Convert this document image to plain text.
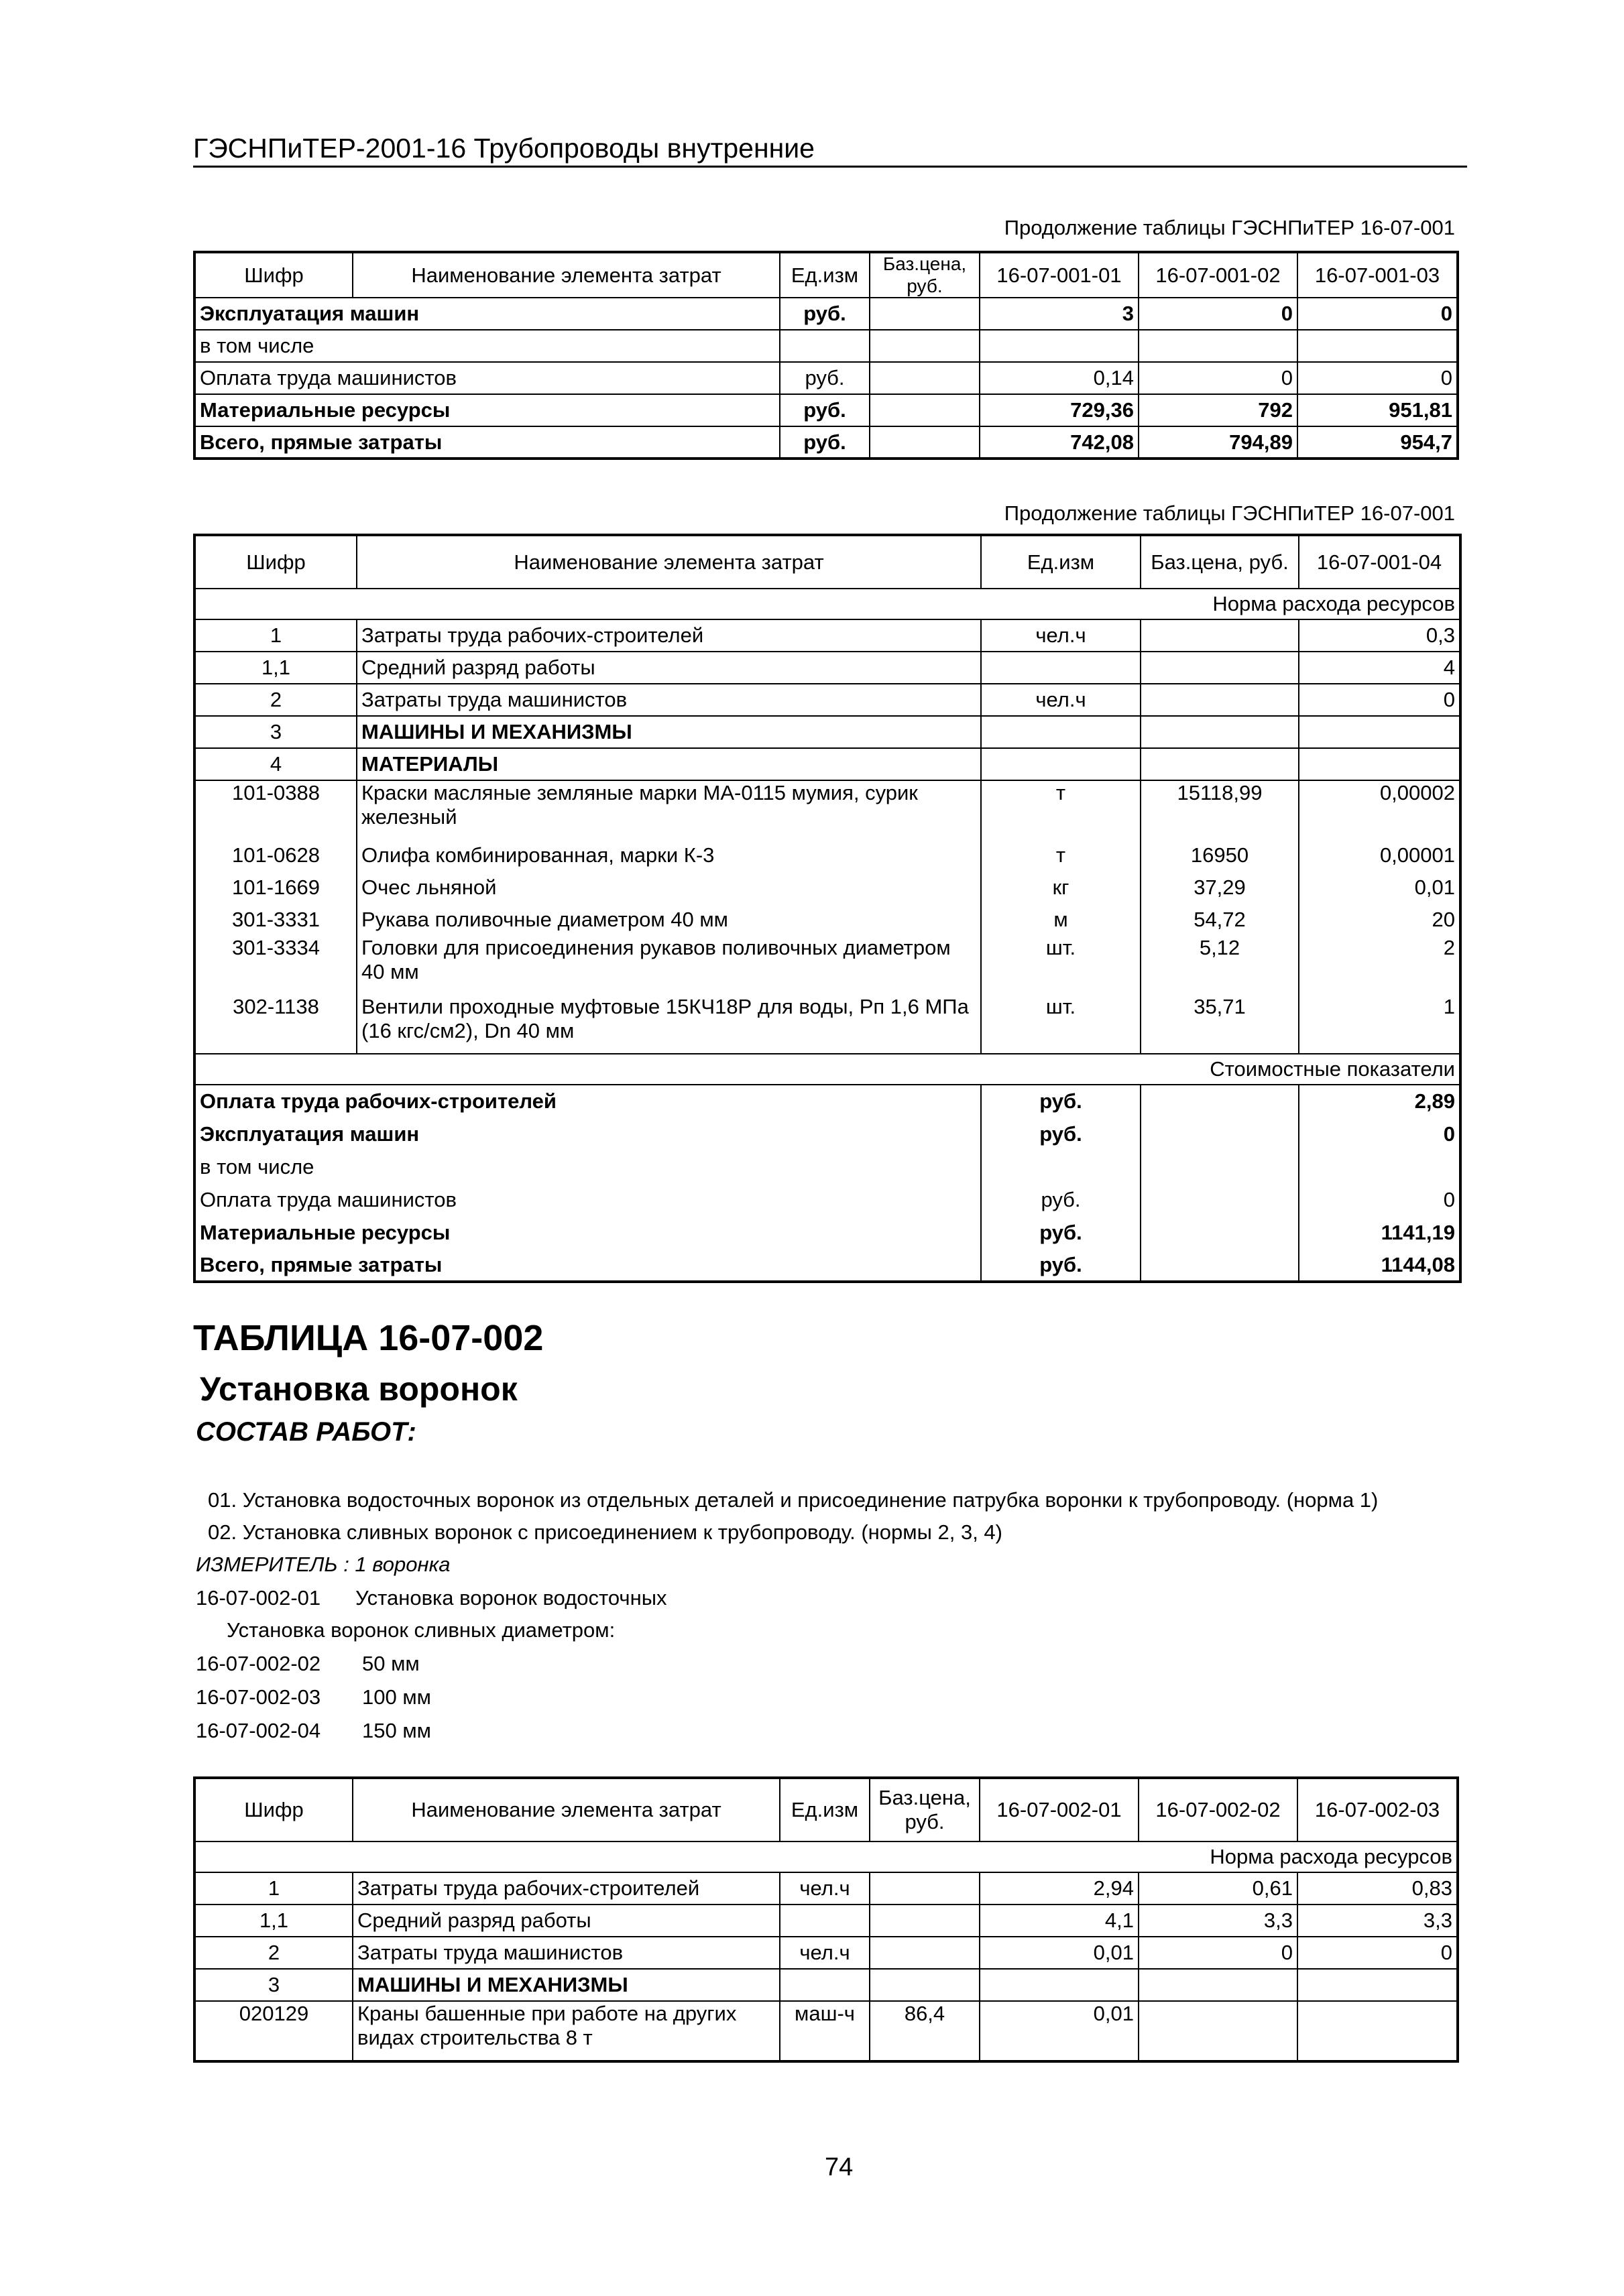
ГЭСНПиТЕР-2001-16 Трубопроводы внутренние
Продолжение таблицы ГЭСНПиТЕР 16-07-001
Шифр	Наименование элемента затрат	Ед.изм	Баз.цена, руб.	16-07-001-01	16-07-001-02	16-07-001-03
Эксплуатация машин		руб.		3	0	0
в том числе						
Оплата труда машинистов		руб.		0,14	0	0
Материальные ресурсы		руб.		729,36	792	951,81
Всего, прямые затраты		руб.		742,08	794,89	954,7
Продолжение таблицы ГЭСНПиТЕР 16-07-001
Шифр	Наименование элемента затрат	Ед.изм	Баз.цена, руб.	16-07-001-04
Норма расхода ресурсов				
1	Затраты труда рабочих-строителей	чел.ч		0,3
1,1	Средний разряд работы			4
2	Затраты труда машинистов	чел.ч		0
3	МАШИНЫ И МЕХАНИЗМЫ			
4	МАТЕРИАЛЫ			
101-0388	Краски масляные земляные марки МА-0115 мумия, сурик железный	т	15118,99	0,00002
101-0628	Олифа комбинированная, марки К-3	т	16950	0,00001
101-1669	Очес льняной	кг	37,29	0,01
301-3331	Рукава поливочные диаметром 40 мм	м	54,72	20
301-3334	Головки для присоединения рукавов поливочных диаметром 40 мм	шт.	5,12	2
302-1138	Вентили проходные муфтовые 15КЧ18Р для воды, Рп 1,6 МПа (16 кгс/см2), Dn 40 мм	шт.	35,71	1
Стоимостные показатели				
Оплата труда рабочих-строителей		руб.		2,89
Эксплуатация машин		руб.		0
в том числе				
Оплата труда машинистов		руб.		0
Материальные ресурсы		руб.		1141,19
Всего, прямые затраты		руб.		1144,08
ТАБЛИЦА 16-07-002
Установка воронок
СОСТАВ РАБОТ:
01. Установка водосточных воронок из отдельных деталей и присоединение патрубка воронки к трубопроводу. (норма 1)
02. Установка сливных воронок с присоединением к трубопроводу. (нормы 2, 3, 4)
ИЗМЕРИТЕЛЬ : 1 воронка
16-07-002-01 Установка воронок водосточных
Установка воронок сливных диаметром:
16-07-002-02 50 мм
16-07-002-03 100 мм
16-07-002-04 150 мм
Шифр	Наименование элемента затрат	Ед.изм	Баз.цена, руб.	16-07-002-01	16-07-002-02	16-07-002-03
Норма расхода ресурсов						
1	Затраты труда рабочих-строителей	чел.ч		2,94	0,61	0,83
1,1	Средний разряд работы			4,1	3,3	3,3
2	Затраты труда машинистов	чел.ч		0,01	0	0
3	МАШИНЫ И МЕХАНИЗМЫ					
020129	Краны башенные при работе на других видах строительства 8 т	маш-ч	86,4	0,01		
74
